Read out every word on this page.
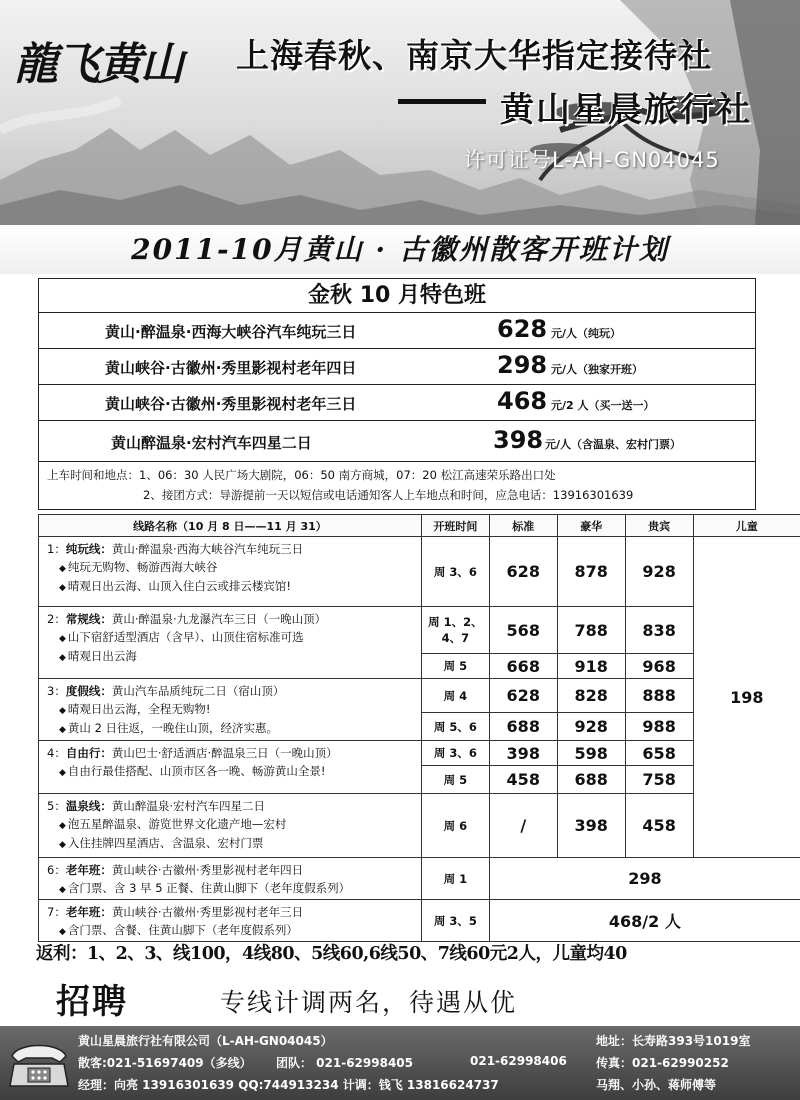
龍飞黄山 上海春秋、南京大华指定接待社
黄山星晨旅行社
许可证号L-AH-GN04045
2011-10月黄山 · 古徽州散客开班计划
金秋 10 月特色班
黄山·醉温泉·西海大峡谷汽车纯玩三日	628 元/人（纯玩）
黄山峡谷·古徽州·秀里影视村老年四日	298 元/人（独家开班）
黄山峡谷·古徽州·秀里影视村老年三日	468 元/2 人（买一送一）
黄山醉温泉·宏村汽车四星二日	398 元/人（含温泉、宏村门票）
上车时间和地点：1、06：30 人民广场大剧院，06：50 南方商城，07：20 松江高速荣乐路出口处
2、接团方式：导游提前一天以短信或电话通知客人上车地点和时间，应急电话：13916301639
线路名称（10 月 8 日——11 月 31）	开班时间	标准	豪华	贵宾	儿童

1：纯玩线：黄山·醉温泉·西海大峡谷汽车纯玩三日
◆ 纯玩无购物、畅游西海大峡谷
◆ 晴观日出云海、山顶入住白云或排云楼宾馆!	周 3、6	628	878	928	198

2：常规线：黄山·醉温泉·九龙瀑汽车三日（一晚山顶）
◆ 山下宿舒适型酒店（含早）、山顶住宿标准可选
◆ 晴观日出云海	周 1、2、4、7	568	788	838	
	周 5	668	918	968	

3：度假线：黄山汽车品质纯玩二日（宿山顶）
◆ 晴观日出云海，全程无购物!
◆ 黄山 2 日往返，一晚住山顶，经济实惠。	周 4	628	828	888	
	周 5、6	688	928	988	

4：自由行：黄山巴士·舒适酒店·醉温泉三日（一晚山顶）
◆ 自由行最佳搭配、山顶市区各一晚、畅游黄山全景!	周 3、6	398	598	658	
	周 5	458	688	758	

5：温泉线：黄山醉温泉·宏村汽车四星二日
◆ 泡五星醉温泉、游览世界文化遗产地—宏村
◆ 入住挂牌四星酒店、含温泉、宏村门票	周 6	/	398	458	

6：老年班：黄山峡谷·古徽州·秀里影视村老年四日
◆ 含门票、含 3 早 5 正餐、住黄山脚下（老年度假系列）	周 1	298			

7：老年班：黄山峡谷·古徽州·秀里影视村老年三日
◆ 含门票、含餐、住黄山脚下（老年度假系列）	周 3、5	468/2 人			
返利：1、2、3、线100，4线80、5线60,6线50、7线60元2人，儿童均40
招聘	专线计调两名，待遇从优
黄山星晨旅行社有限公司（L-AH-GN04045）	地址：长寿路393号1019室
散客:021-51697409（多线） 团队： 021-62998405	021-62998406 传真：021-62990252
经理：向亮 13916301639 QQ:744913234 计调：钱飞 13816624737	马翔、小孙、蒋师傅等
